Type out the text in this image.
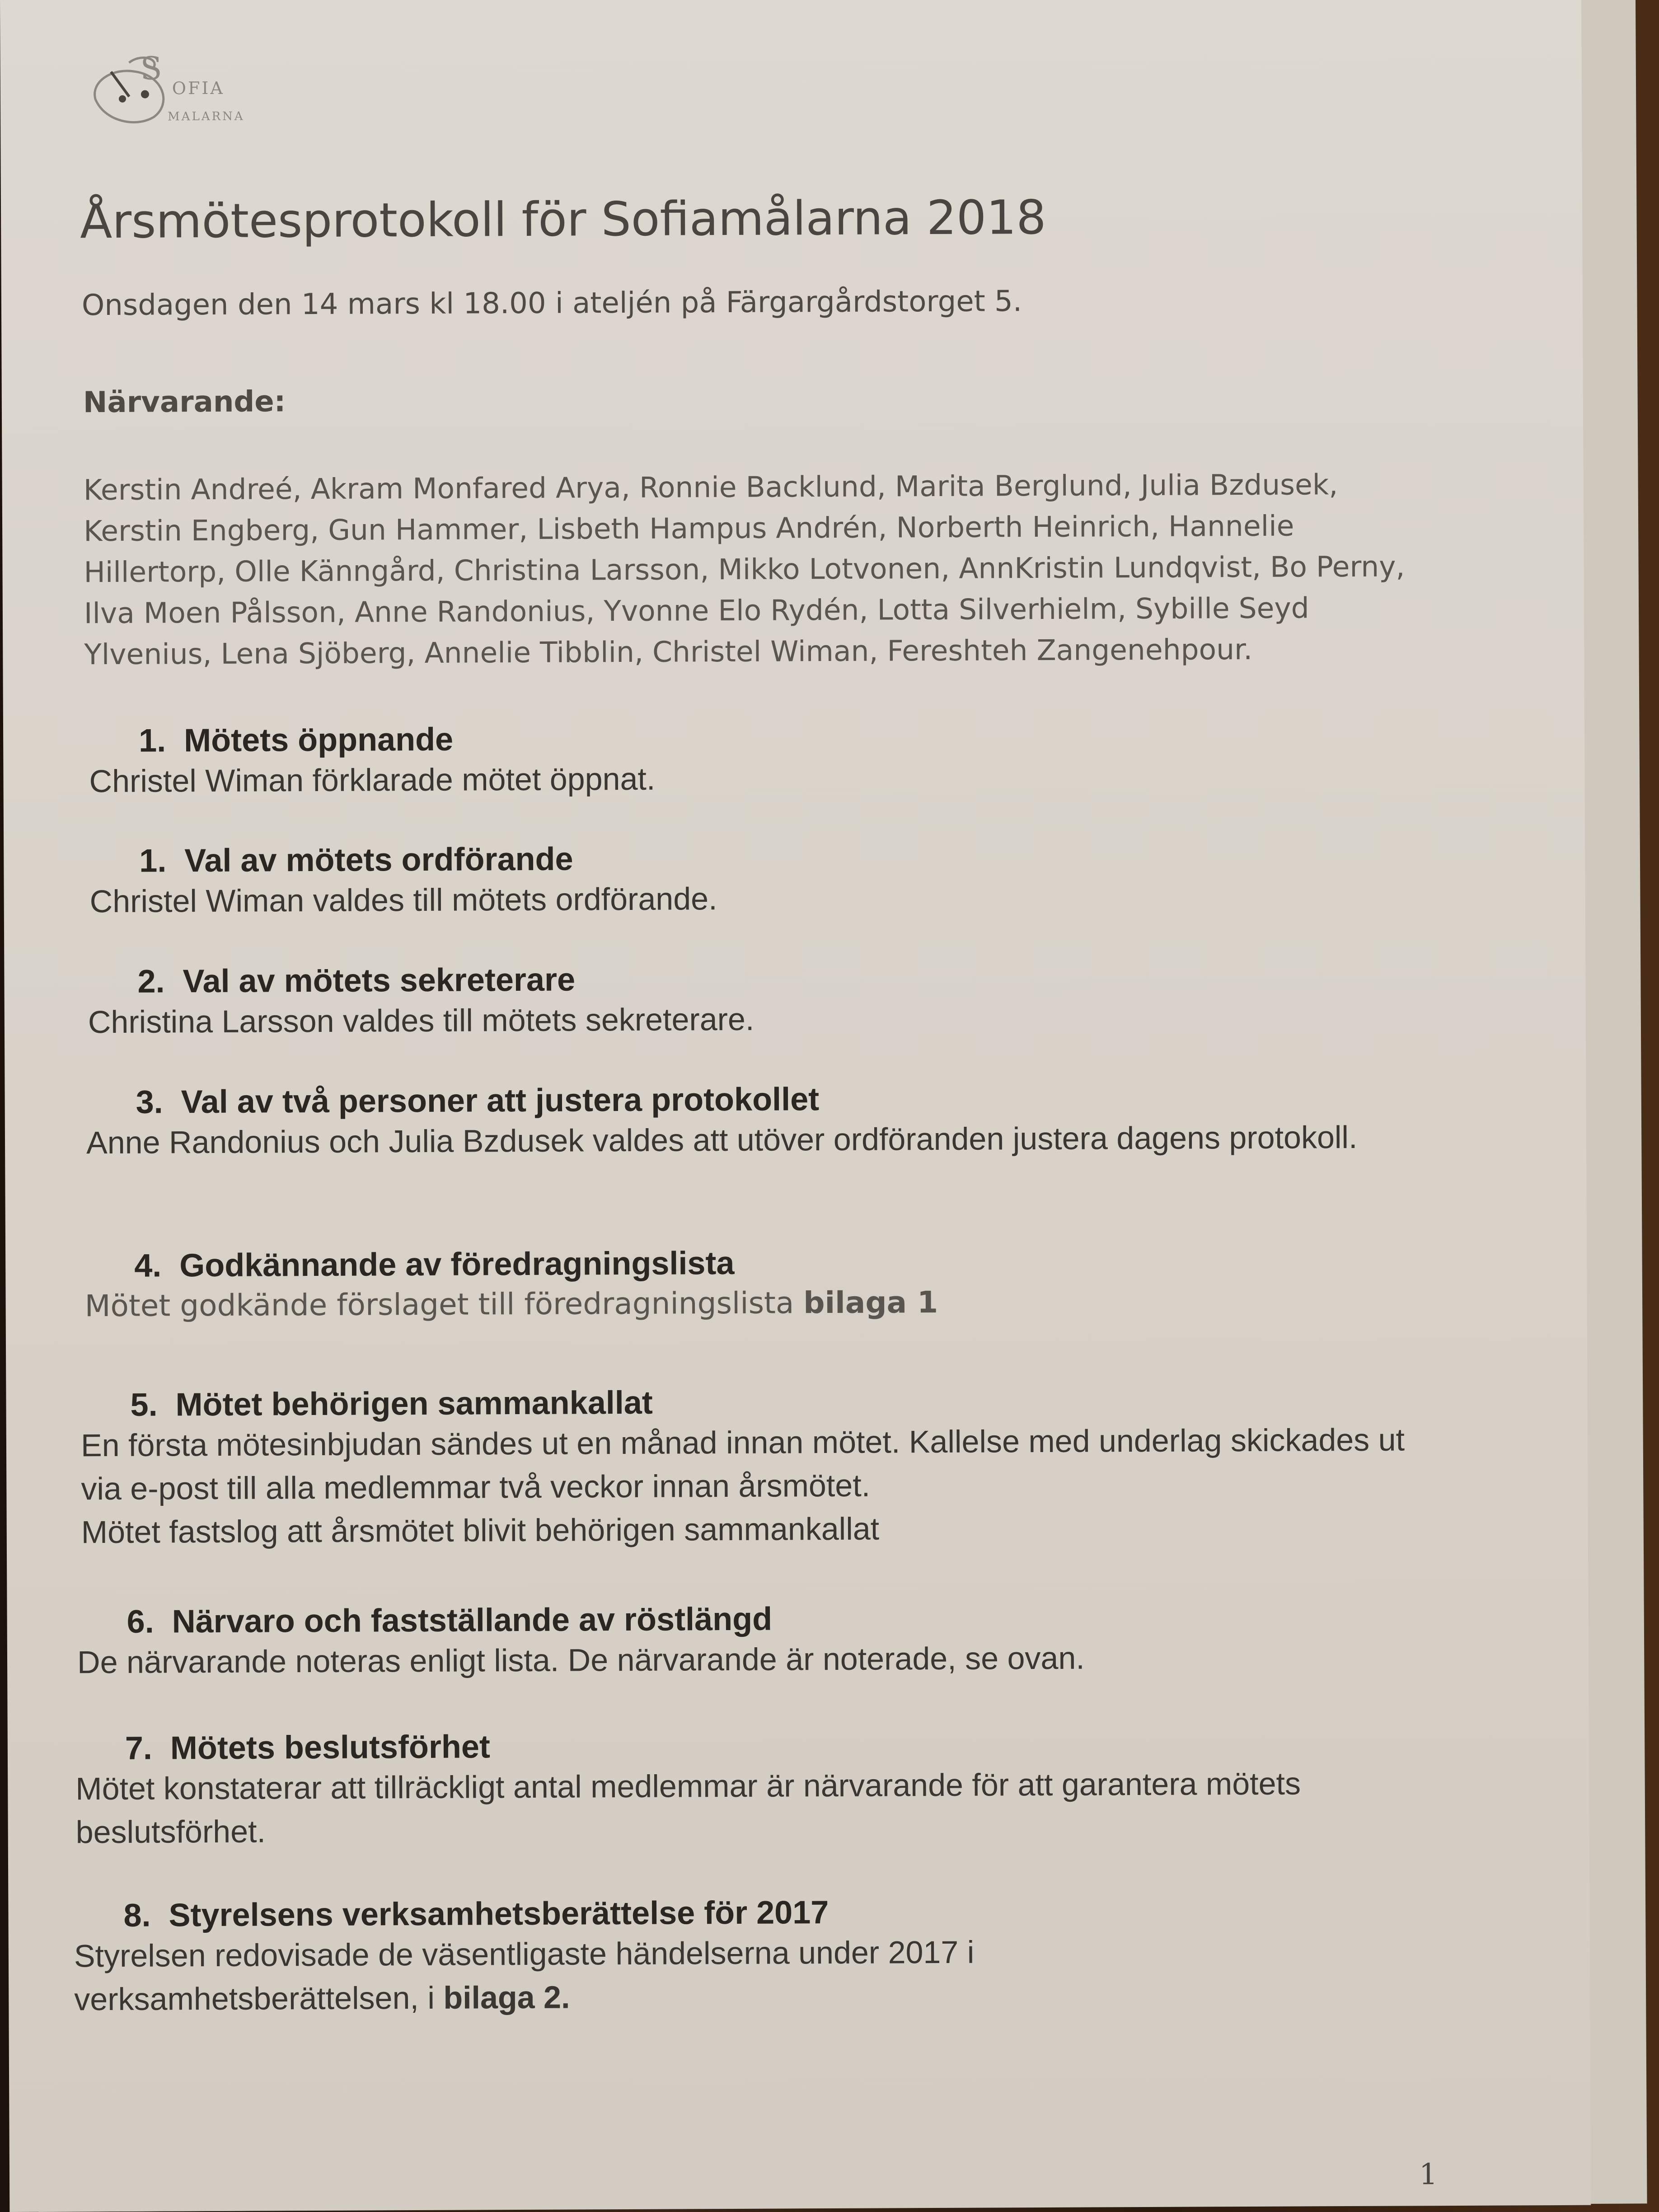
S
OFIA
MALARNA
Årsmötesprotokoll för Sofiamålarna 2018
Onsdagen den 14 mars kl 18.00 i ateljén på Färgargårdstorget 5.
Närvarande:
Kerstin Andreé, Akram Monfared Arya, Ronnie Backlund, Marita Berglund, Julia Bzdusek, Kerstin Engberg, Gun Hammer, Lisbeth Hampus Andrén, Norberth Heinrich, Hannelie Hillertorp, Olle Känngård, Christina Larsson, Mikko Lotvonen, AnnKristin Lundqvist, Bo Perny, Ilva Moen Pålsson, Anne Randonius, Yvonne Elo Rydén, Lotta Silverhielm, Sybille Seyd Ylvenius, Lena Sjöberg, Annelie Tibblin, Christel Wiman, Fereshteh Zangenehpour.
1. Mötets öppnande
Christel Wiman förklarade mötet öppnat.
1. Val av mötets ordförande
Christel Wiman valdes till mötets ordförande.
2. Val av mötets sekreterare
Christina Larsson valdes till mötets sekreterare.
3. Val av två personer att justera protokollet
Anne Randonius och Julia Bzdusek valdes att utöver ordföranden justera dagens protokoll.
4. Godkännande av föredragningslista
Mötet godkände förslaget till föredragningslista bilaga 1
5. Mötet behörigen sammankallat
En första mötesinbjudan sändes ut en månad innan mötet. Kallelse med underlag skickades ut via e-post till alla medlemmar två veckor innan årsmötet.
Mötet fastslog att årsmötet blivit behörigen sammankallat
6. Närvaro och fastställande av röstlängd
De närvarande noteras enligt lista. De närvarande är noterade, se ovan.
7. Mötets beslutsförhet
Mötet konstaterar att tillräckligt antal medlemmar är närvarande för att garantera mötets beslutsförhet.
8. Styrelsens verksamhetsberättelse för 2017
Styrelsen redovisade de väsentligaste händelserna under 2017 i verksamhetsberättelsen, i bilaga 2.
1
